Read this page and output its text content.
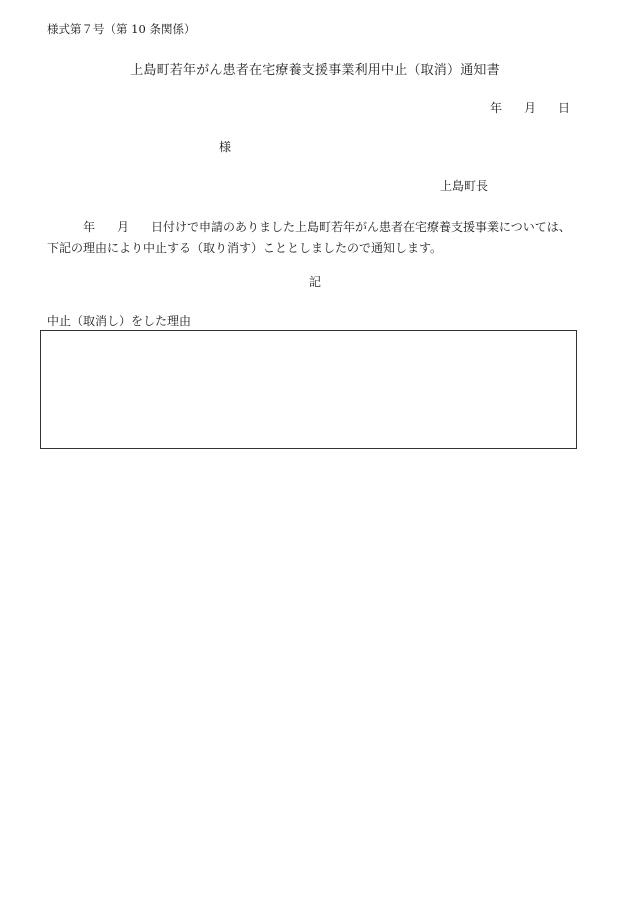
様式第７号（第 10 条関係）
上島町若年がん患者在宅療養支援事業利用中止（取消）通知書
年 月 日
様
上島町長
年 月 日付けで申請のありました上島町若年がん患者在宅療養支援事業については、
下記の理由により中止する（取り消す）こととしましたので通知します。
記
中止（取消し）をした理由
